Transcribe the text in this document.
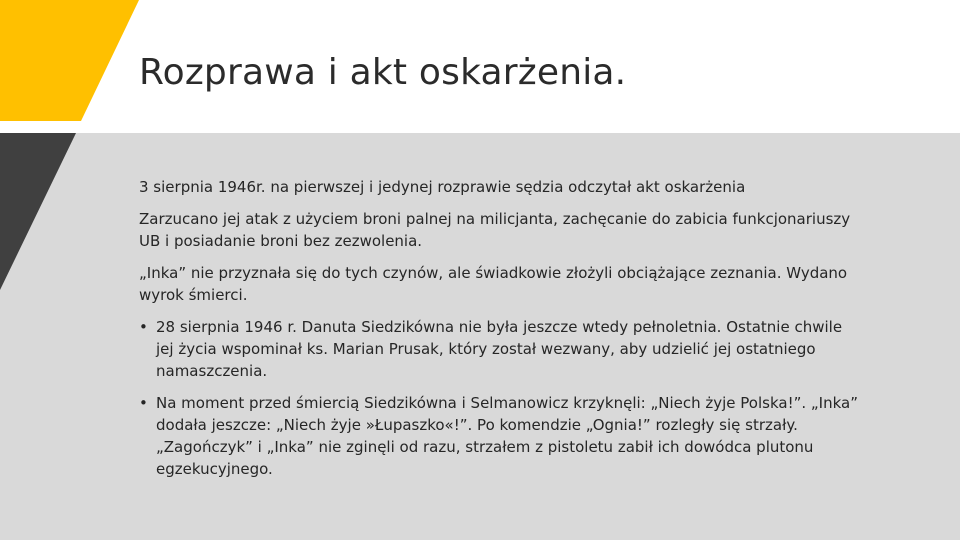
Rozprawa i akt oskarżenia.

3 sierpnia 1946r. na pierwszej i jedynej rozprawie sędzia odczytał akt oskarżenia

Zarzucano jej atak z użyciem broni palnej na milicjanta, zachęcanie do zabicia funkcjonariuszy UB i posiadanie broni bez zezwolenia.

„Inka” nie przyznała się do tych czynów, ale świadkowie złożyli obciążające zeznania. Wydano wyrok śmierci.

• 28 sierpnia 1946 r. Danuta Siedzikówna nie była jeszcze wtedy pełnoletnia. Ostatnie chwile jej życia wspominał ks. Marian Prusak, który został wezwany, aby udzielić jej ostatniego namaszczenia.
• Na moment przed śmiercią Siedzikówna i Selmanowicz krzyknęli: „Niech żyje Polska!”. „Inka” dodała jeszcze: „Niech żyje »Łupaszko«!”. Po komendzie „Ognia!” rozległy się strzały. „Zagończyk” i „Inka” nie zginęli od razu, strzałem z pistoletu zabił ich dowódca plutonu egzekucyjnego.
